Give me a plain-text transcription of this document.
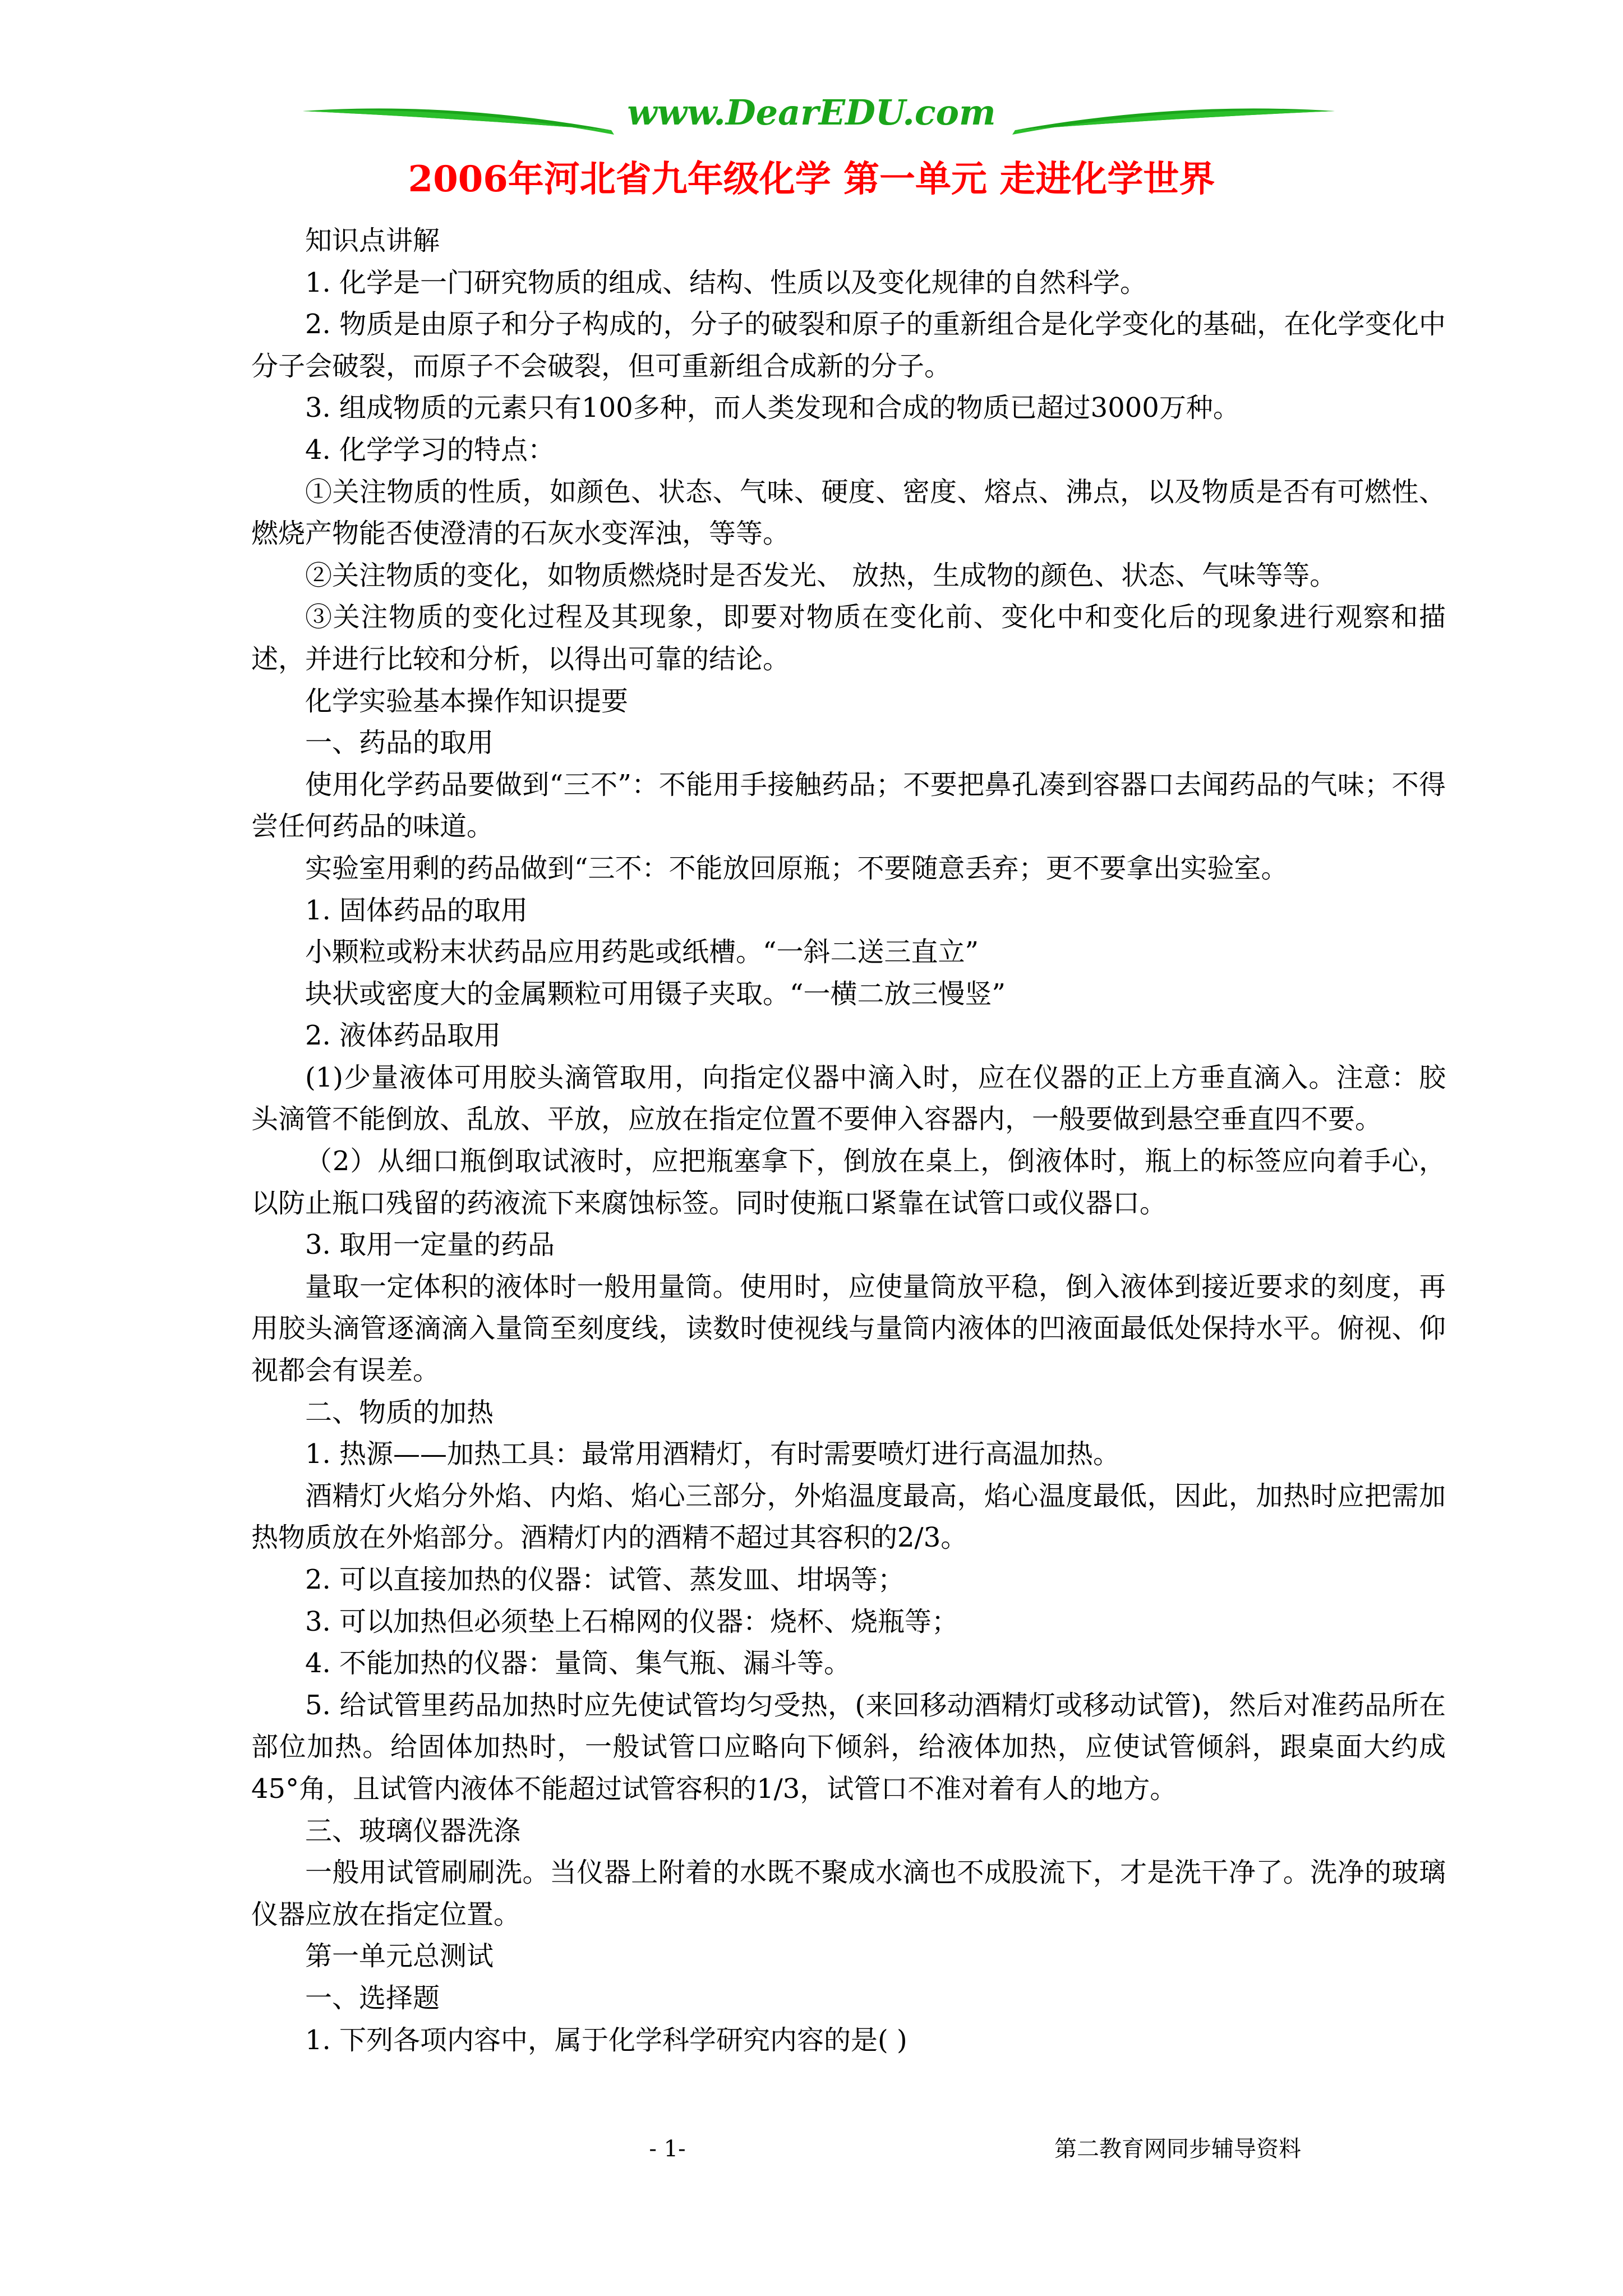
www.DearEDU.com
2006年河北省九年级化学 第一单元 走进化学世界

知识点讲解

1. 化学是一门研究物质的组成、结构、性质以及变化规律的自然科学。

2. 物质是由原子和分子构成的，分子的破裂和原子的重新组合是化学变化的基础，在化学变化中分子会破裂，而原子不会破裂，但可重新组合成新的分子。

3. 组成物质的元素只有100多种，而人类发现和合成的物质已超过3000万种。

4. 化学学习的特点：

①关注物质的性质，如颜色、状态、气味、硬度、密度、熔点、沸点，以及物质是否有可燃性、燃烧产物能否使澄清的石灰水变浑浊，等等。

②关注物质的变化，如物质燃烧时是否发光、 放热，生成物的颜色、状态、气味等等。

③关注物质的变化过程及其现象，即要对物质在变化前、变化中和变化后的现象进行观察和描述，并进行比较和分析，以得出可靠的结论。

化学实验基本操作知识提要

一、药品的取用

使用化学药品要做到“三不”：不能用手接触药品；不要把鼻孔凑到容器口去闻药品的气味；不得尝任何药品的味道。

实验室用剩的药品做到“三不：不能放回原瓶；不要随意丢弃；更不要拿出实验室。

1. 固体药品的取用

小颗粒或粉末状药品应用药匙或纸槽。“一斜二送三直立”

块状或密度大的金属颗粒可用镊子夹取。“一横二放三慢竖”

2. 液体药品取用

(1)少量液体可用胶头滴管取用，向指定仪器中滴入时，应在仪器的正上方垂直滴入。注意：胶头滴管不能倒放、乱放、平放，应放在指定位置不要伸入容器内，一般要做到悬空垂直四不要。

（2）从细口瓶倒取试液时，应把瓶塞拿下，倒放在桌上，倒液体时，瓶上的标签应向着手心，以防止瓶口残留的药液流下来腐蚀标签。同时使瓶口紧靠在试管口或仪器口。

3. 取用一定量的药品

量取一定体积的液体时一般用量筒。使用时，应使量筒放平稳，倒入液体到接近要求的刻度，再用胶头滴管逐滴滴入量筒至刻度线，读数时使视线与量筒内液体的凹液面最低处保持水平。俯视、仰视都会有误差。

二、物质的加热

1. 热源——加热工具：最常用酒精灯，有时需要喷灯进行高温加热。

酒精灯火焰分外焰、内焰、焰心三部分，外焰温度最高，焰心温度最低，因此，加热时应把需加热物质放在外焰部分。酒精灯内的酒精不超过其容积的2/3。

2. 可以直接加热的仪器：试管、蒸发皿、坩埚等；

3. 可以加热但必须垫上石棉网的仪器：烧杯、烧瓶等；

4. 不能加热的仪器：量筒、集气瓶、漏斗等。

5. 给试管里药品加热时应先使试管均匀受热，(来回移动酒精灯或移动试管)，然后对准药品所在部位加热。给固体加热时，一般试管口应略向下倾斜，给液体加热，应使试管倾斜，跟桌面大约成45°角，且试管内液体不能超过试管容积的1/3，试管口不准对着有人的地方。

三、玻璃仪器洗涤

一般用试管刷刷洗。当仪器上附着的水既不聚成水滴也不成股流下，才是洗干净了。洗净的玻璃仪器应放在指定位置。

第一单元总测试

一、选择题

1. 下列各项内容中，属于化学科学研究内容的是( )

- 1-	第二教育网同步辅导资料
